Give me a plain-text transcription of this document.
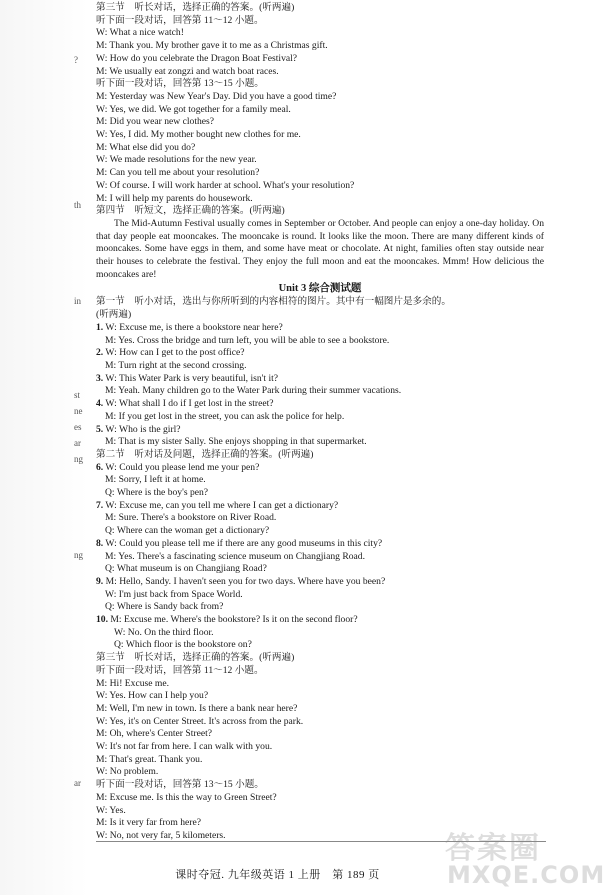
?
th
in
st
ne
es
ar
ng
ng
ar
第三节　听长对话，选择正确的答案。(听两遍)
听下面一段对话，回答第 11～12 小题。
W: What a nice watch!
M: Thank you. My brother gave it to me as a Christmas gift.
W: How do you celebrate the Dragon Boat Festival?
M: We usually eat zongzi and watch boat races.
听下面一段对话，回答第 13～15 小题。
M: Yesterday was New Year's Day. Did you have a good time?
W: Yes, we did. We got together for a family meal.
M: Did you wear new clothes?
W: Yes, I did. My mother bought new clothes for me.
M: What else did you do?
W: We made resolutions for the new year.
M: Can you tell me about your resolution?
W: Of course. I will work harder at school. What's your resolution?
M: I will help my parents do housework.
第四节　听短文，选择正确的答案。(听两遍)
The Mid-Autumn Festival usually comes in September or October. And people can enjoy a one-day holiday. On that day people eat mooncakes. The mooncake is round. It looks like the moon. There are many different kinds of mooncakes. Some have eggs in them, and some have meat or chocolate. At night, families often stay outside near their houses to celebrate the festival. They enjoy the full moon and eat the mooncakes. Mmm! How delicious the mooncakes are!
Unit 3 综合测试题
第一节　听小对话，选出与你所听到的内容相符的图片。其中有一幅图片是多余的。
(听两遍)
1. W: Excuse me, is there a bookstore near here?
M: Yes. Cross the bridge and turn left, you will be able to see a bookstore.
2. W: How can I get to the post office?
M: Turn right at the second crossing.
3. W: This Water Park is very beautiful, isn't it?
M: Yeah. Many children go to the Water Park during their summer vacations.
4. W: What shall I do if I get lost in the street?
M: If you get lost in the street, you can ask the police for help.
5. W: Who is the girl?
M: That is my sister Sally. She enjoys shopping in that supermarket.
第二节　听对话及问题，选择正确的答案。(听两遍)
6. W: Could you please lend me your pen?
M: Sorry, I left it at home.
Q: Where is the boy's pen?
7. W: Excuse me, can you tell me where I can get a dictionary?
M: Sure. There's a bookstore on River Road.
Q: Where can the woman get a dictionary?
8. W: Could you please tell me if there are any good museums in this city?
M: Yes. There's a fascinating science museum on Changjiang Road.
Q: What museum is on Changjiang Road?
9. M: Hello, Sandy. I haven't seen you for two days. Where have you been?
W: I'm just back from Space World.
Q: Where is Sandy back from?
10. M: Excuse me. Where's the bookstore? Is it on the second floor?
W: No. On the third floor.
Q: Which floor is the bookstore on?
第三节　听长对话，选择正确的答案。(听两遍)
听下面一段对话，回答第 11～12 小题。
M: Hi! Excuse me.
W: Yes. How can I help you?
M: Well, I'm new in town. Is there a bank near here?
W: Yes, it's on Center Street. It's across from the park.
M: Oh, where's Center Street?
W: It's not far from here. I can walk with you.
M: That's great. Thank you.
W: No problem.
听下面一段对话，回答第 13～15 小题。
M: Excuse me. Is this the way to Green Street?
W: Yes.
M: Is it very far from here?
W: No, not very far, 5 kilometers.
课时夺冠. 九年级英语 1 上册　第 189 页
答案圈
MXQE.COM
